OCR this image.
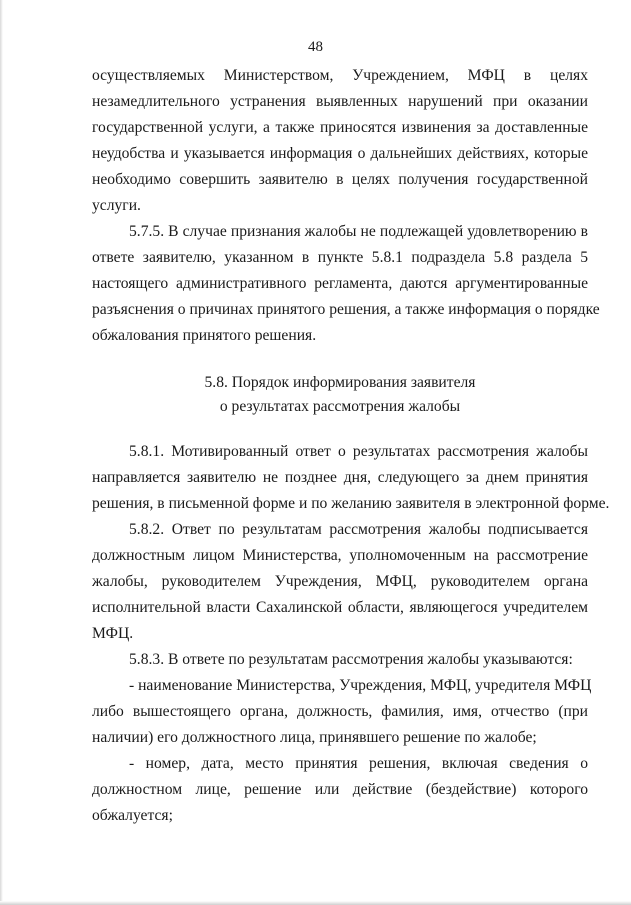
48
осуществляемых Министерством, Учреждением, МФЦ в целях
незамедлительного устранения выявленных нарушений при оказании
государственной услуги, а также приносятся извинения за доставленные
неудобства и указывается информация о дальнейших действиях, которые
необходимо совершить заявителю в целях получения государственной
услуги.
5.7.5. В случае признания жалобы не подлежащей удовлетворению в
ответе заявителю, указанном в пункте 5.8.1 подраздела 5.8 раздела 5
настоящего административного регламента, даются аргументированные
разъяснения о причинах принятого решения, а также информация о порядке
обжалования принятого решения.
5.8. Порядок информирования заявителя
о результатах рассмотрения жалобы
5.8.1. Мотивированный ответ о результатах рассмотрения жалобы
направляется заявителю не позднее дня, следующего за днем принятия
решения, в письменной форме и по желанию заявителя в электронной форме.
5.8.2. Ответ по результатам рассмотрения жалобы подписывается
должностным лицом Министерства, уполномоченным на рассмотрение
жалобы, руководителем Учреждения, МФЦ, руководителем органа
исполнительной власти Сахалинской области, являющегося учредителем
МФЦ.
5.8.3. В ответе по результатам рассмотрения жалобы указываются:
- наименование Министерства, Учреждения, МФЦ, учредителя МФЦ
либо вышестоящего органа, должность, фамилия, имя, отчество (при
наличии) его должностного лица, принявшего решение по жалобе;
- номер, дата, место принятия решения, включая сведения о
должностном лице, решение или действие (бездействие) которого
обжалуется;
